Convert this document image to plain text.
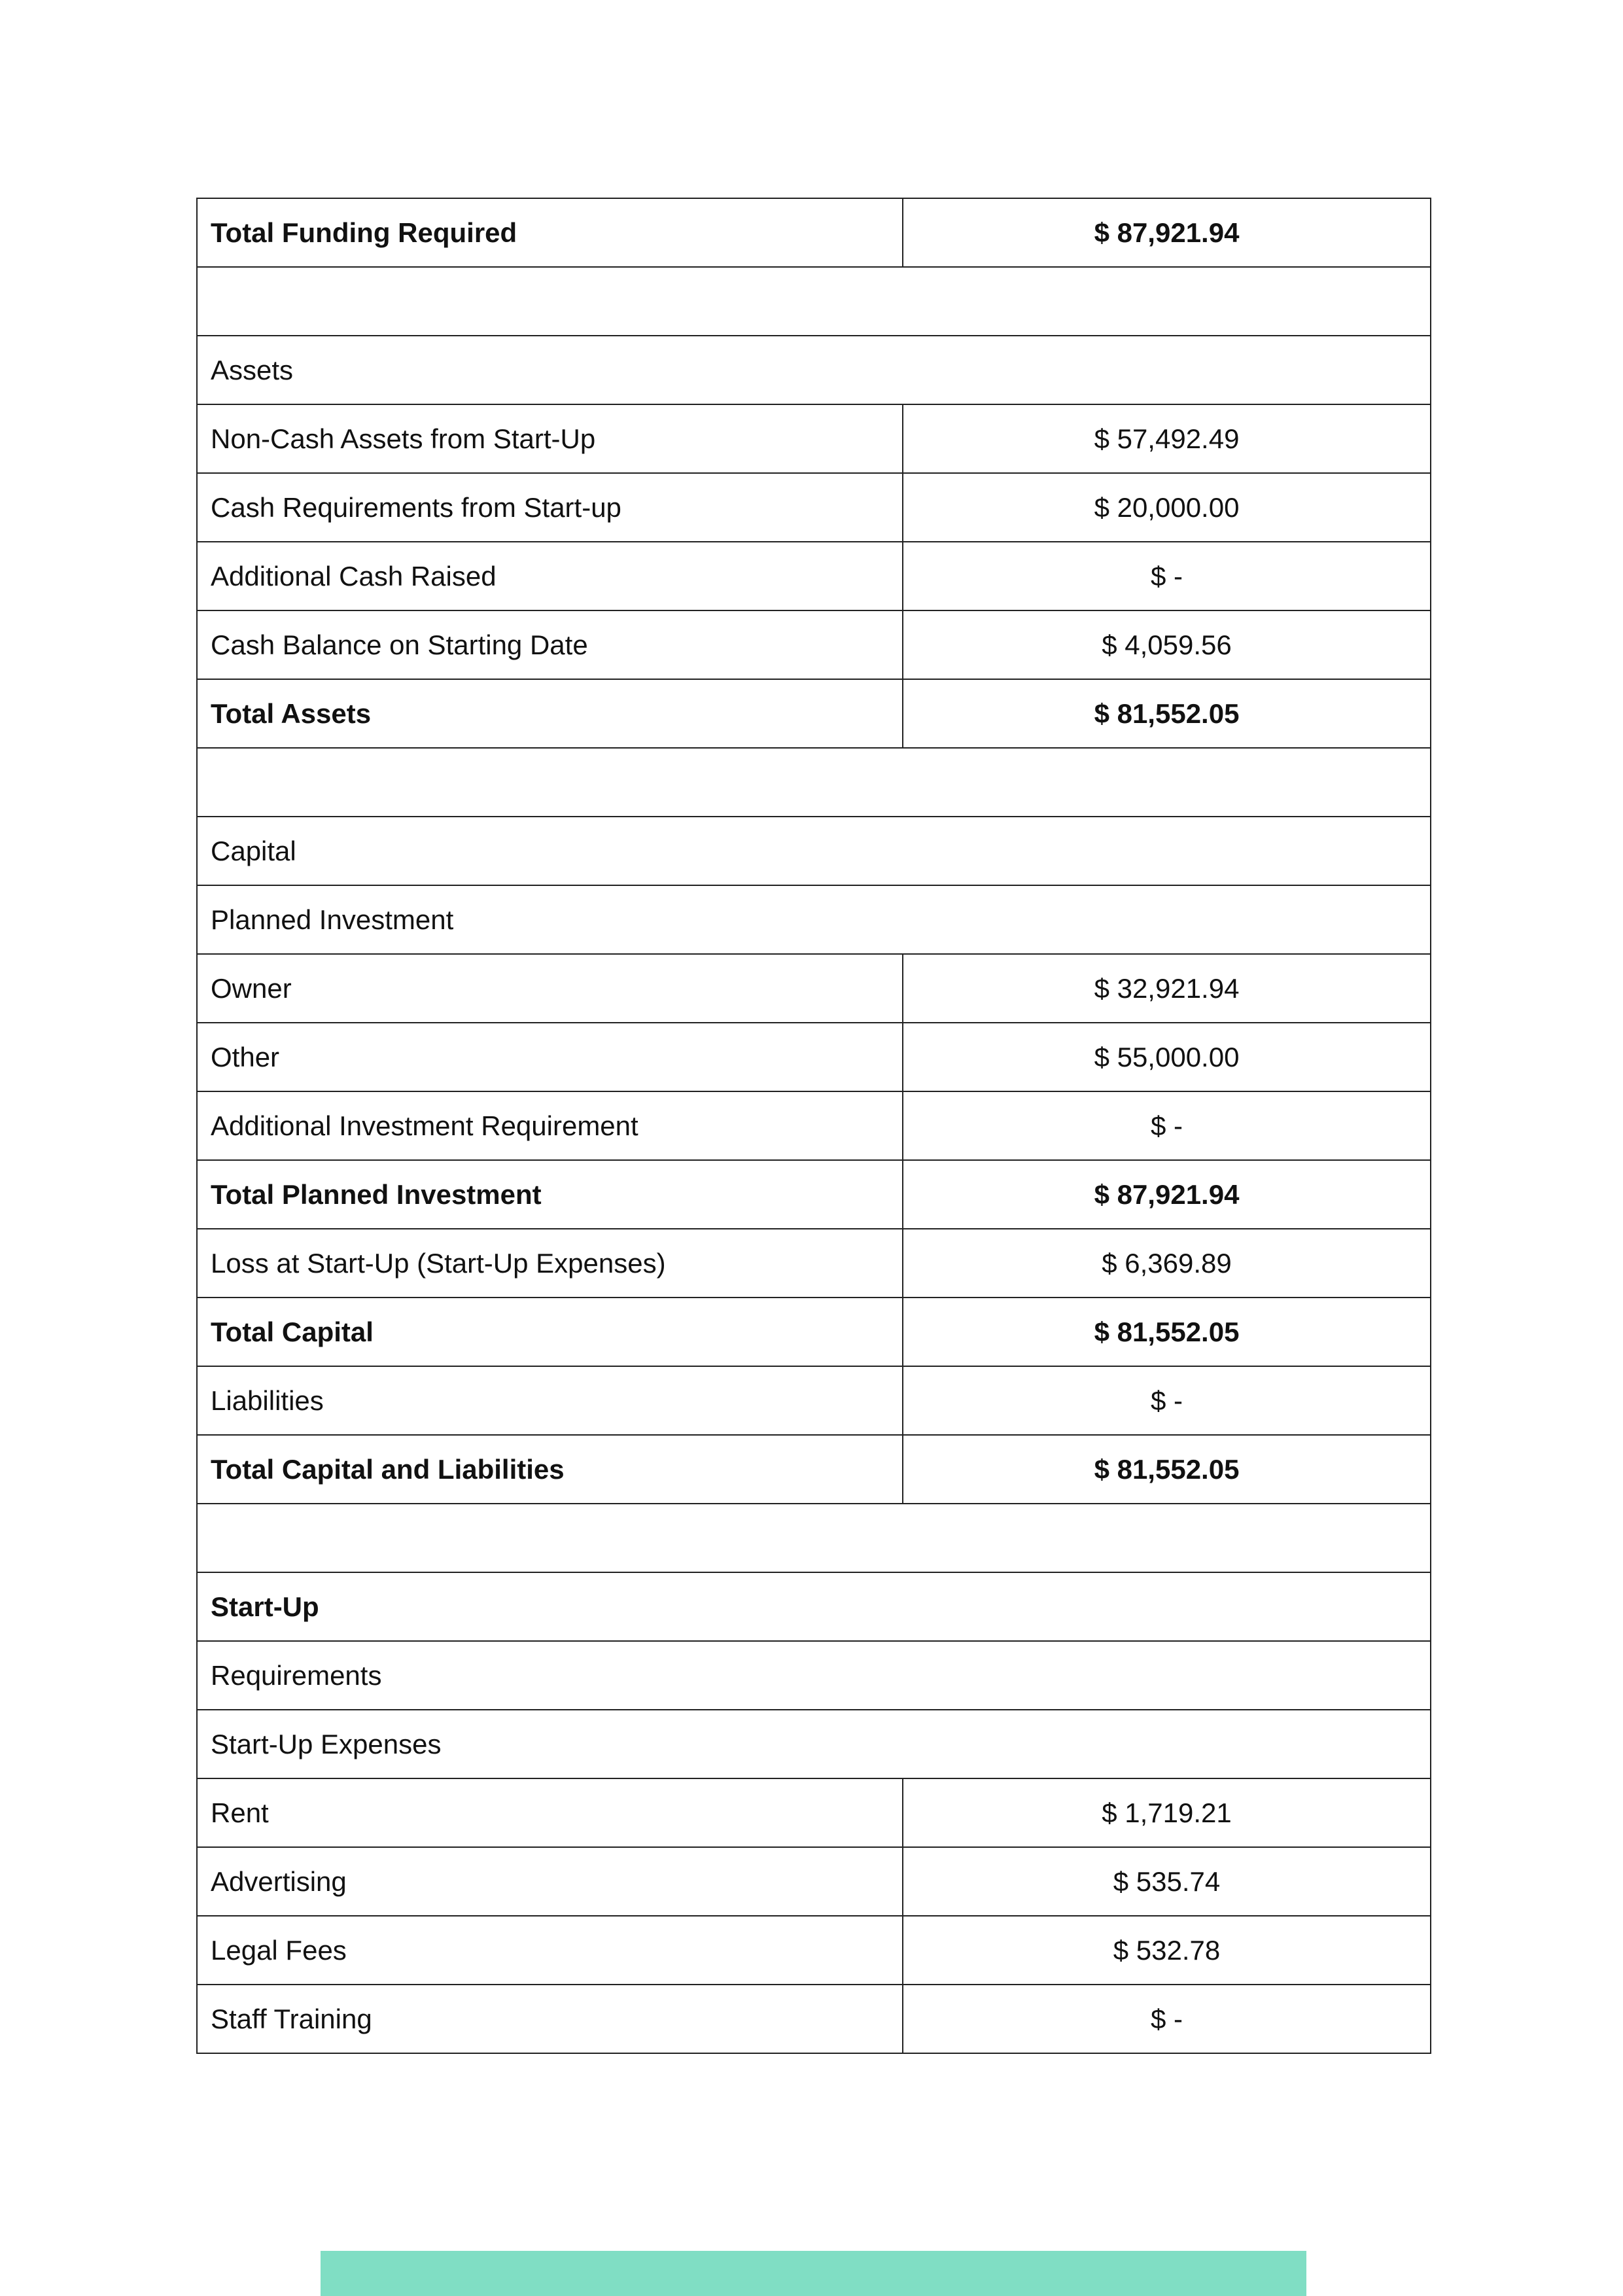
Total Funding Required	$ 87,921.94

Assets	
Non-Cash Assets from Start-Up	$ 57,492.49
Cash Requirements from Start-up	$ 20,000.00
Additional Cash Raised	$ -
Cash Balance on Starting Date	$ 4,059.56
Total Assets	$ 81,552.05

Capital	
Planned Investment	
Owner	$ 32,921.94
Other	$ 55,000.00
Additional Investment Requirement	$ -
Total Planned Investment	$ 87,921.94
Loss at Start-Up (Start-Up Expenses)	$ 6,369.89
Total Capital	$ 81,552.05
Liabilities	$ -
Total Capital and Liabilities	$ 81,552.05

Start-Up	
Requirements	
Start-Up Expenses	
Rent	$ 1,719.21
Advertising	$ 535.74
Legal Fees	$ 532.78
Staff Training	$ -
